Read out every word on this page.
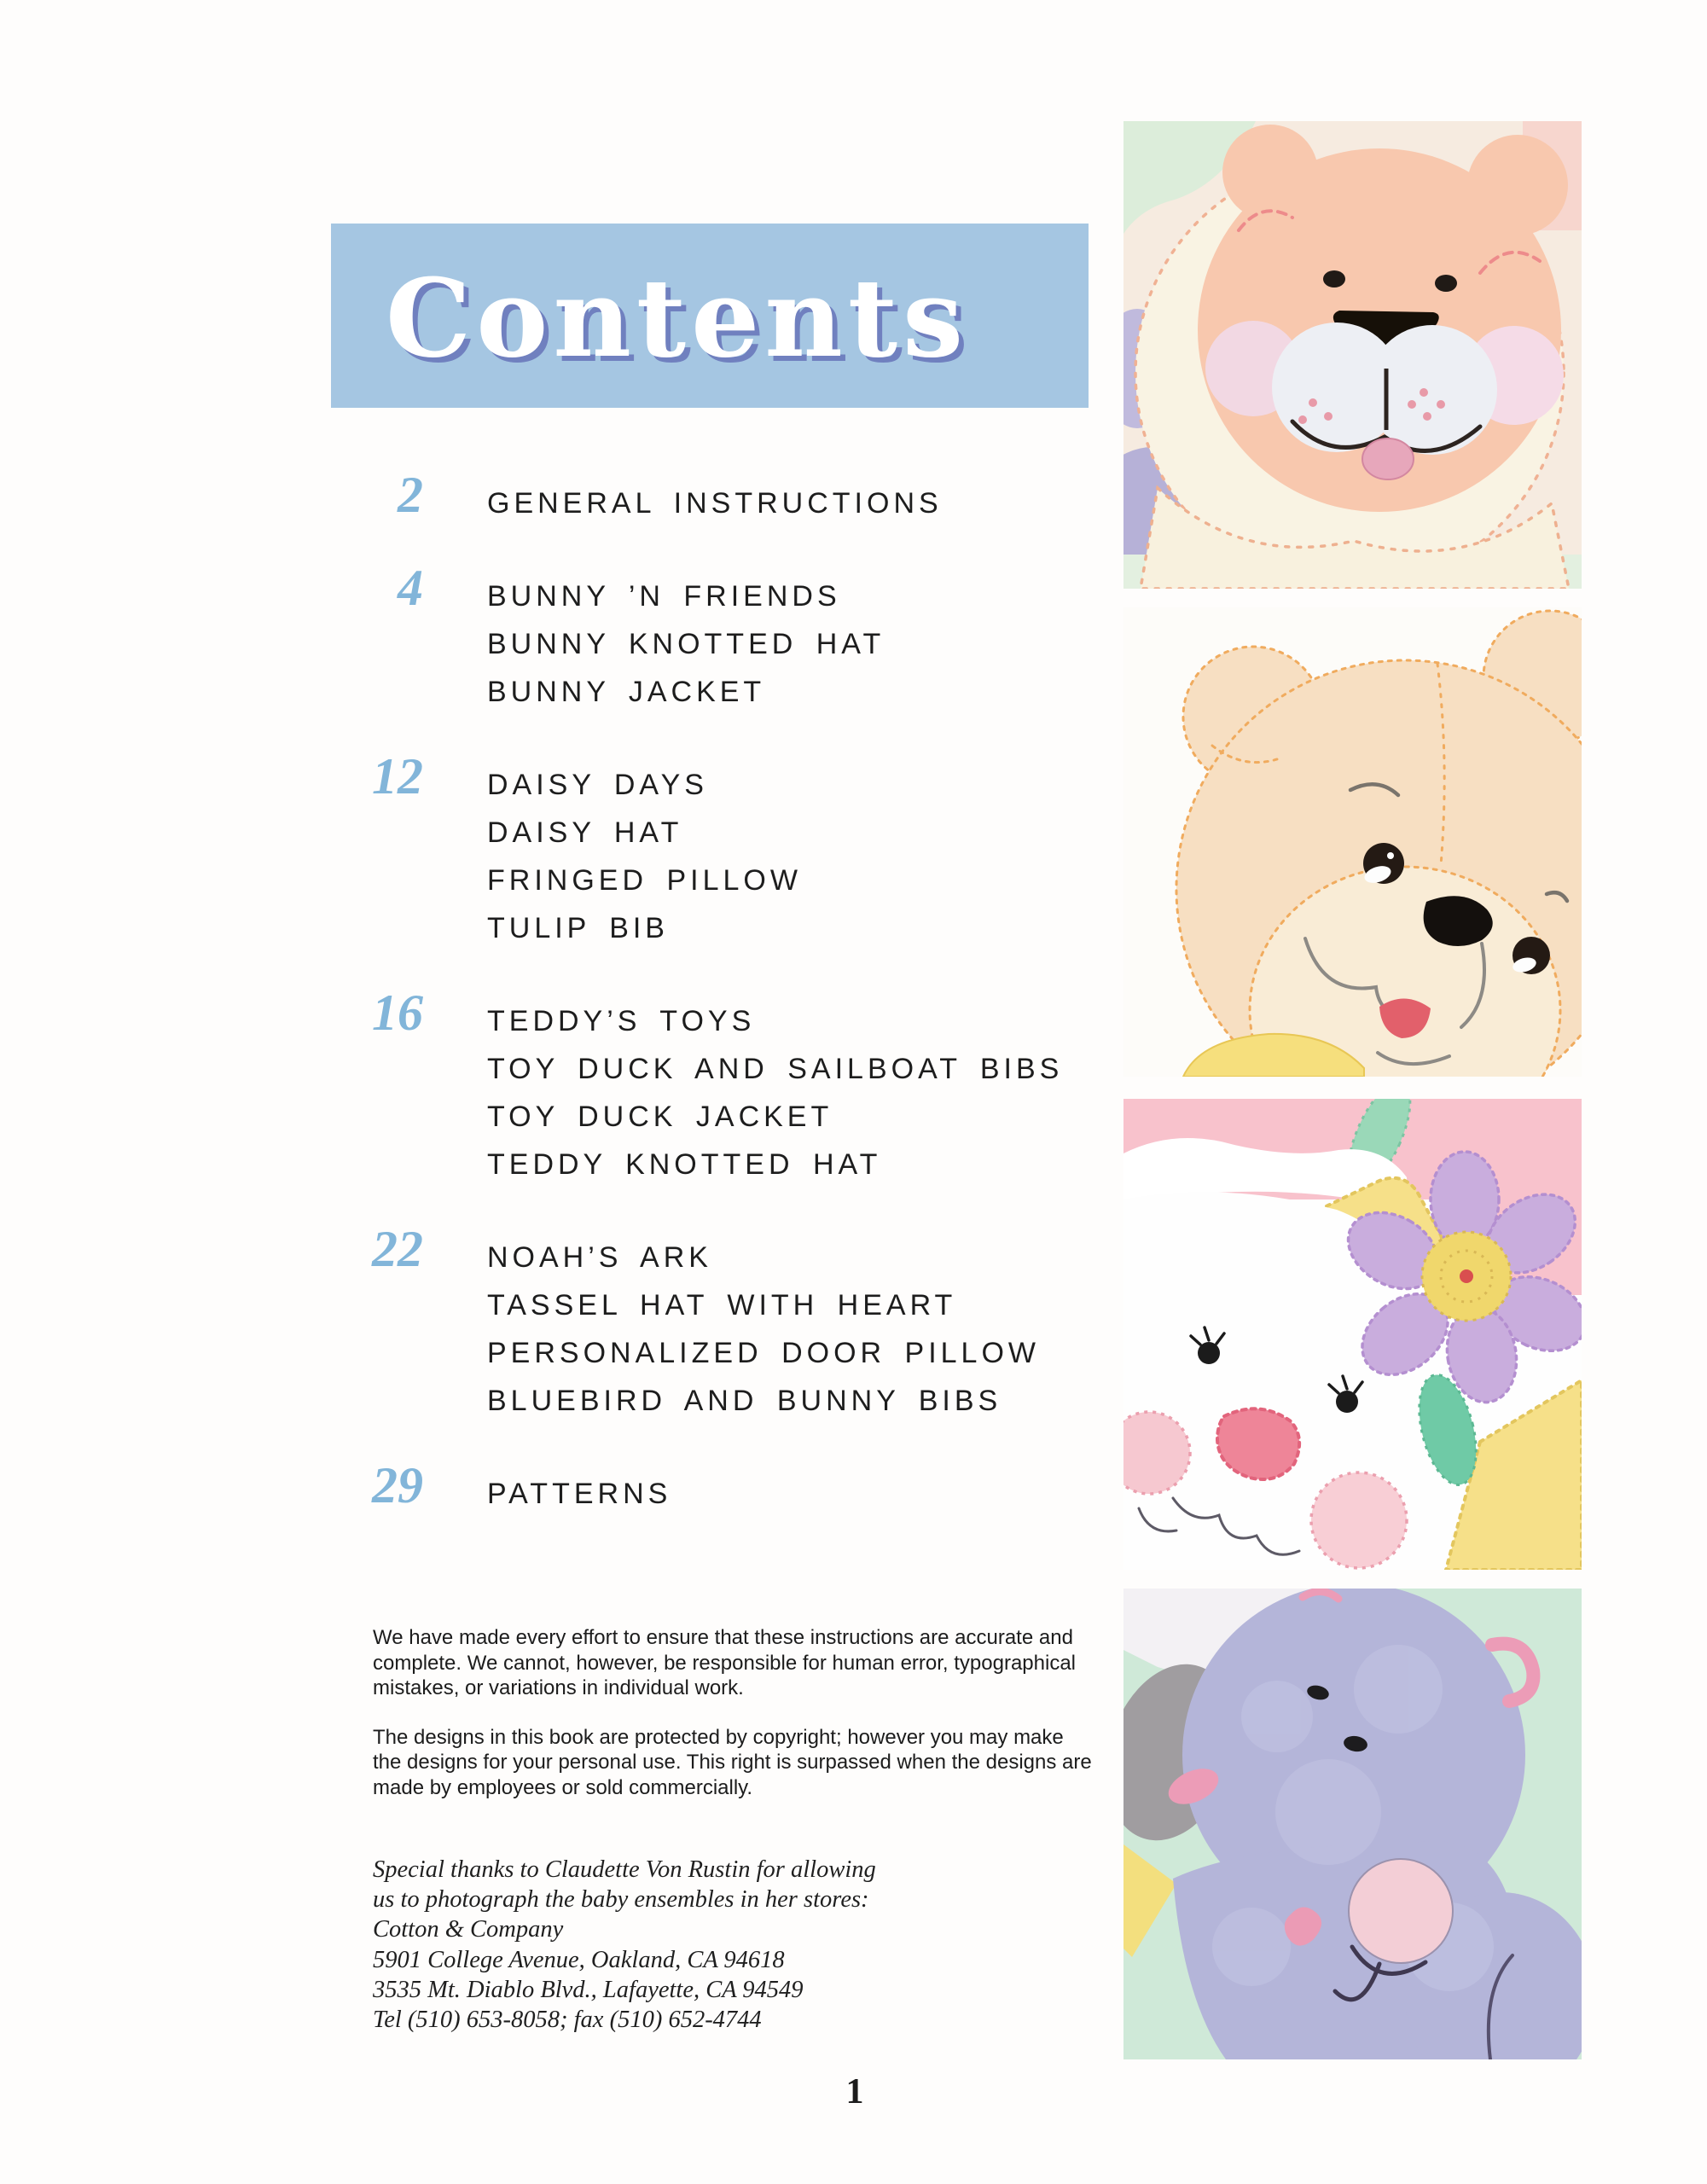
Contents
2 GENERAL INSTRUCTIONS
4 BUNNY ’N FRIENDS
BUNNY KNOTTED HAT
BUNNY JACKET
12 DAISY DAYS
DAISY HAT
FRINGED PILLOW
TULIP BIB
16 TEDDY’S TOYS
TOY DUCK AND SAILBOAT BIBS
TOY DUCK JACKET
TEDDY KNOTTED HAT
22 NOAH’S ARK
TASSEL HAT WITH HEART
PERSONALIZED DOOR PILLOW
BLUEBIRD AND BUNNY BIBS
29 PATTERNS
We have made every effort to ensure that these instructions are accurate and
complete. We cannot, however, be responsible for human error, typographical
mistakes, or variations in individual work.
The designs in this book are protected by copyright; however you may make
the designs for your personal use. This right is surpassed when the designs are
made by employees or sold commercially.
Special thanks to Claudette Von Rustin for allowing
us to photograph the baby ensembles in her stores:
Cotton & Company
5901 College Avenue, Oakland, CA 94618
3535 Mt. Diablo Blvd., Lafayette, CA 94549
Tel (510) 653-8058; fax (510) 652-4744
1
